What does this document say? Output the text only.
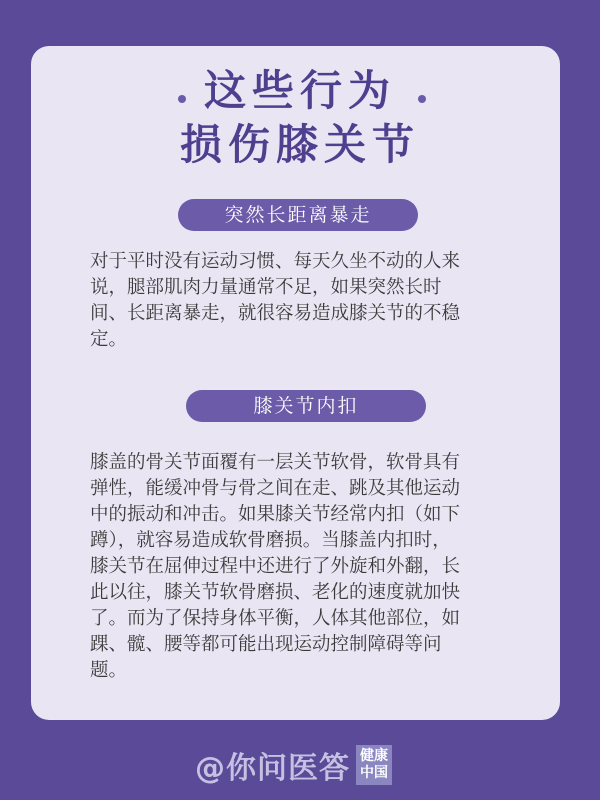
这些行为
损伤膝关节
突然长距离暴走
对于平时没有运动习惯、每天久坐不动的人来
说，腿部肌肉力量通常不足，如果突然长时
间、长距离暴走，就很容易造成膝关节的不稳
定。
膝关节内扣
膝盖的骨关节面覆有一层关节软骨，软骨具有
弹性，能缓冲骨与骨之间在走、跳及其他运动
中的振动和冲击。如果膝关节经常内扣（如下
蹲），就容易造成软骨磨损。当膝盖内扣时，
膝关节在屈伸过程中还进行了外旋和外翻，长
此以往，膝关节软骨磨损、老化的速度就加快
了。而为了保持身体平衡，人体其他部位，如
踝、髋、腰等都可能出现运动控制障碍等问
题。
@你问医答 健康
中国
